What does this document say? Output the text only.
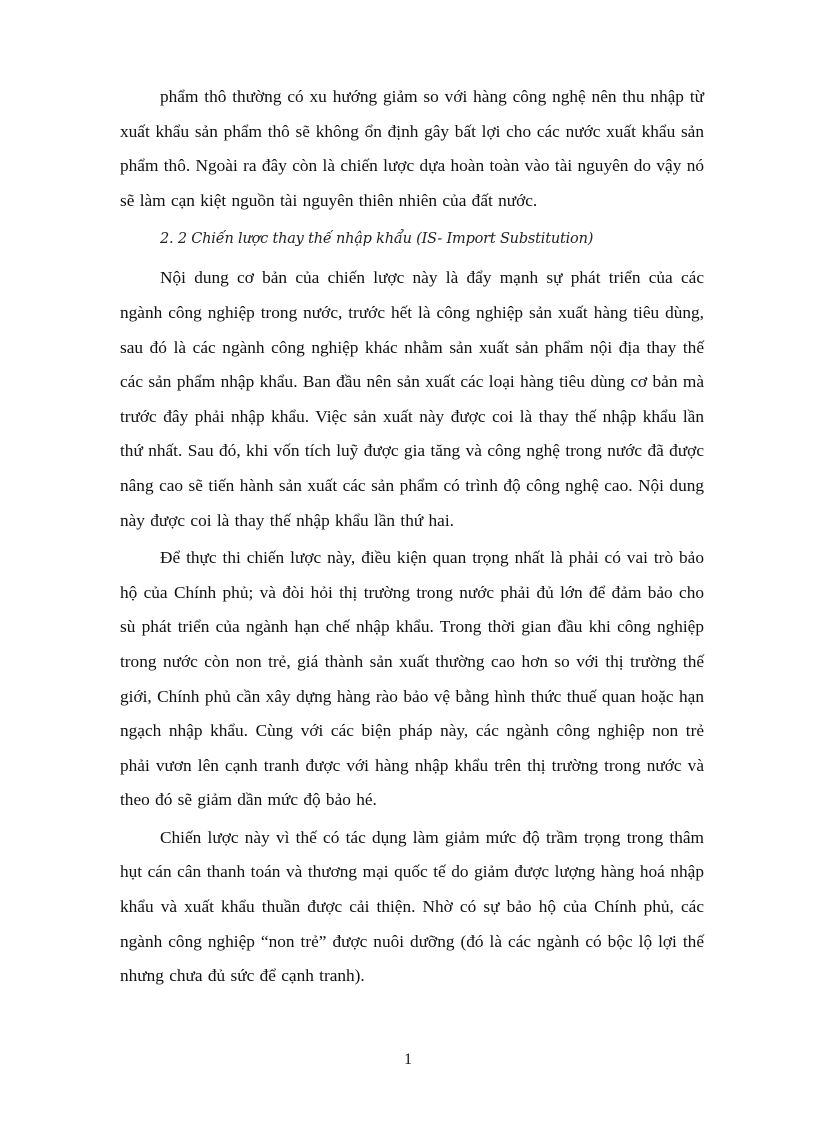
phẩm thô thường có xu hướng giảm so với hàng công nghệ nên thu nhập từ xuất khẩu sản phẩm thô sẽ không ổn định gây bất lợi cho các nước xuất khẩu sản phẩm thô. Ngoài ra đây còn là chiến lược dựa hoàn toàn vào tài nguyên do vậy nó sẽ làm cạn kiệt nguồn tài nguyên thiên nhiên của đất nước.

2. 2 Chiến lược thay thế nhập khẩu (IS- Import Substitution)

Nội dung cơ bản của chiến lược này là đẩy mạnh sự phát triển của các ngành công nghiệp trong nước, trước hết là công nghiệp sản xuất hàng tiêu dùng, sau đó là các ngành công nghiệp khác nhằm sản xuất sản phẩm nội địa thay thế các sản phẩm nhập khẩu. Ban đầu nên sản xuất các loại hàng tiêu dùng cơ bản mà trước đây phải nhập khẩu. Việc sản xuất này được coi là thay thế nhập khẩu lần thứ nhất. Sau đó, khi vốn tích luỹ được gia tăng và công nghệ trong nước đã được nâng cao sẽ tiến hành sản xuất các sản phẩm có trình độ công nghệ cao. Nội dung này được coi là thay thế nhập khẩu lần thứ hai.

Để thực thi chiến lược này, điều kiện quan trọng nhất là phải có vai trò bảo hộ của Chính phủ; và đòi hỏi thị trường trong nước phải đủ lớn để đảm bảo cho sù phát triển của ngành hạn chế nhập khẩu. Trong thời gian đầu khi công nghiệp trong nước còn non trẻ, giá thành sản xuất thường cao hơn so với thị trường thế giới, Chính phủ cần xây dựng hàng rào bảo vệ bằng hình thức thuế quan hoặc hạn ngạch nhập khẩu. Cùng với các biện pháp này, các ngành công nghiệp non trẻ phải vươn lên cạnh tranh được với hàng nhập khẩu trên thị trường trong nước và theo đó sẽ giảm dần mức độ bảo hé.

Chiến lược này vì thế có tác dụng làm giảm mức độ trầm trọng trong thâm hụt cán cân thanh toán và thương mại quốc tế do giảm được lượng hàng hoá nhập khẩu và xuất khẩu thuần được cải thiện. Nhờ có sự bảo hộ của Chính phủ, các ngành công nghiệp “non trẻ” được nuôi dưỡng (đó là các ngành có bộc lộ lợi thế nhưng chưa đủ sức để cạnh tranh).

1
